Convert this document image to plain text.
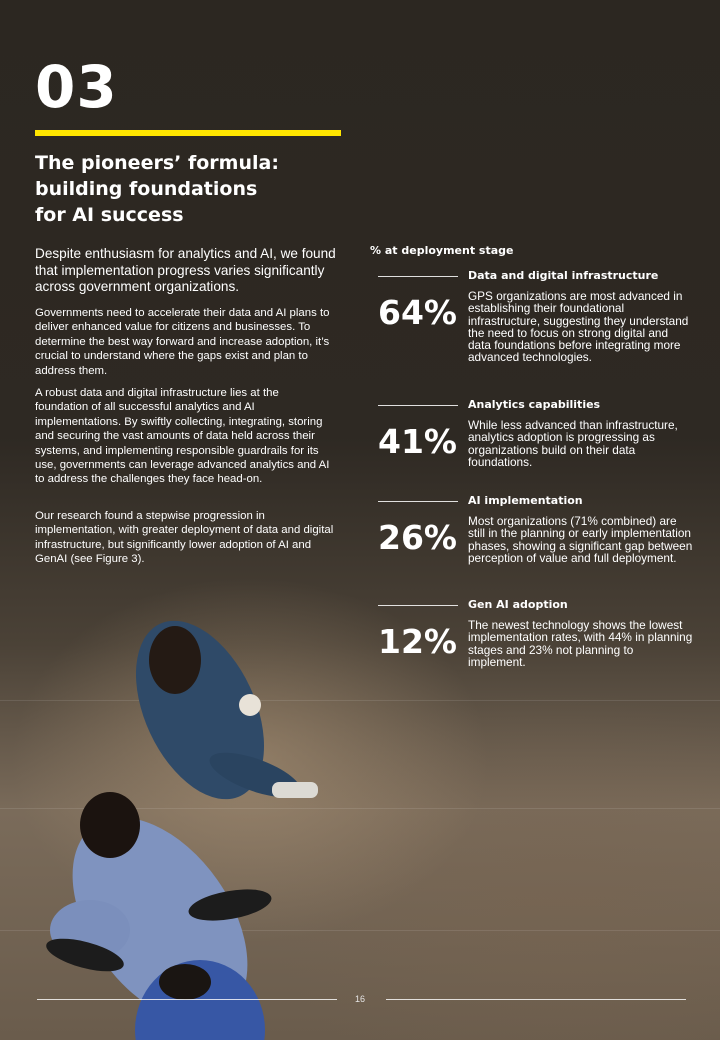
03
The pioneers’ formula:
building foundations
for AI success

Despite enthusiasm for analytics and AI, we found that implementation progress varies significantly across government organizations.

Governments need to accelerate their data and AI plans to deliver enhanced value for citizens and businesses. To determine the best way forward and increase adoption, it’s crucial to understand where the gaps exist and plan to address them.

A robust data and digital infrastructure lies at the foundation of all successful analytics and AI implementations. By swiftly collecting, integrating, storing and securing the vast amounts of data held across their systems, and implementing responsible guardrails for its use, governments can leverage advanced analytics and AI to address the challenges they face head-on.

Our research found a stepwise progression in implementation, with greater deployment of data and digital infrastructure, but significantly lower adoption of AI and GenAI (see Figure 3).

% at deployment stage
64%
Data and digital infrastructure

GPS organizations are most advanced in establishing their foundational infrastructure, suggesting they understand the need to focus on strong digital and data foundations before integrating more advanced technologies.

41%
Analytics capabilities

While less advanced than infrastructure, analytics adoption is progressing as organizations build on their data foundations.

26%
AI implementation

Most organizations (71% combined) are still in the planning or early implementation phases, showing a significant gap between perception of value and full deployment.

12%
Gen AI adoption

The newest technology shows the lowest implementation rates, with 44% in planning stages and 23% not planning to implement.

16
